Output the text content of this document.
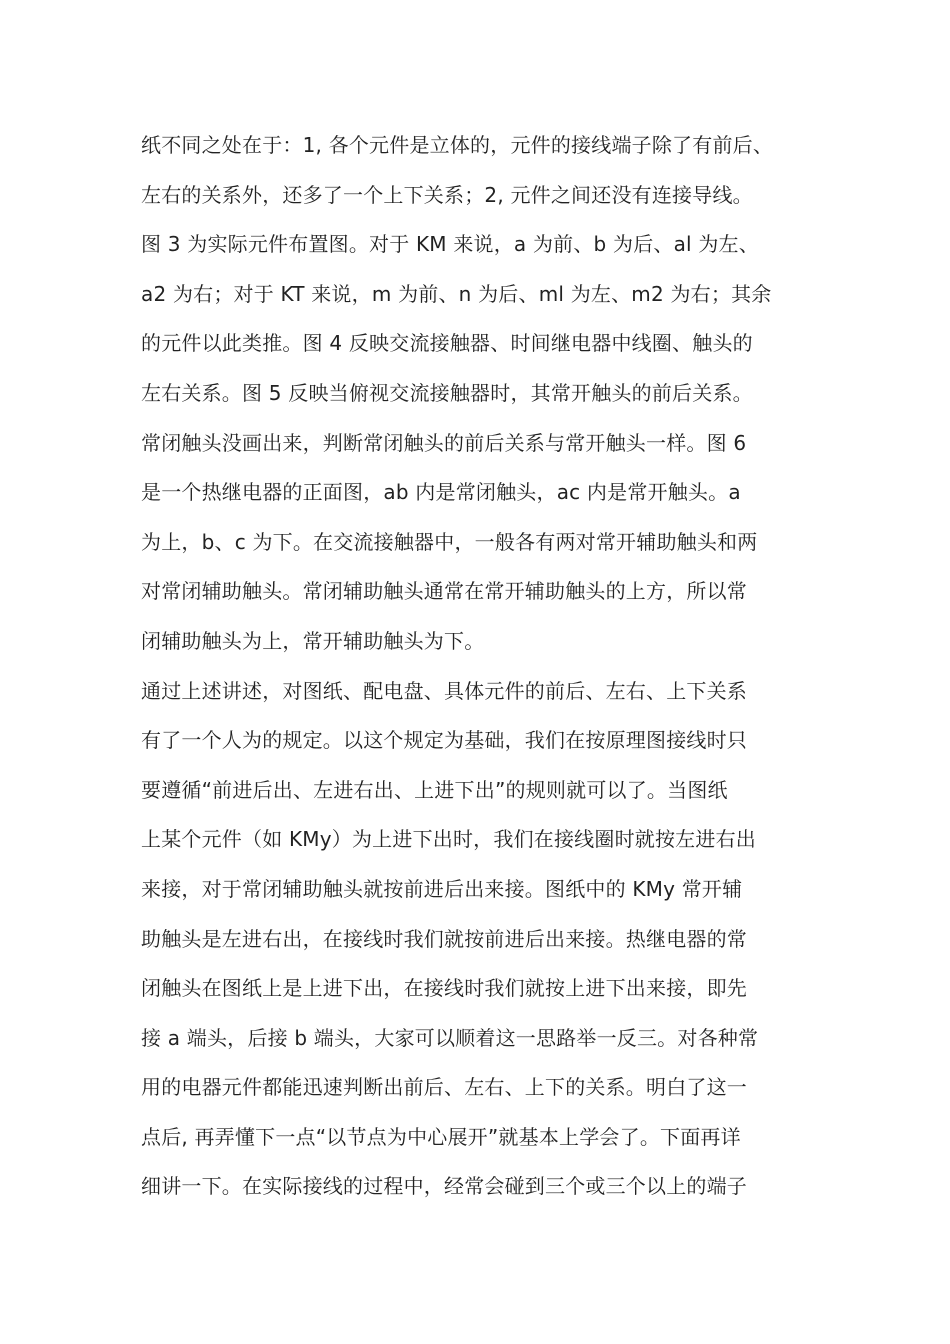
纸不同之处在于：1, 各个元件是立体的，元件的接线端子除了有前后、

左右的关系外，还多了一个上下关系；2, 元件之间还没有连接导线。

图 3 为实际元件布置图。对于 KM 来说，a 为前、b 为后、al 为左、

a2 为右；对于 KT 来说，m 为前、n 为后、ml 为左、m2 为右；其余

的元件以此类推。图 4 反映交流接触器、时间继电器中线圈、触头的

左右关系。图 5 反映当俯视交流接触器时，其常开触头的前后关系。

常闭触头没画出来，判断常闭触头的前后关系与常开触头一样。图 6

是一个热继电器的正面图，ab 内是常闭触头，ac 内是常开触头。a

为上，b、c 为下。在交流接触器中，一般各有两对常开辅助触头和两

对常闭辅助触头。常闭辅助触头通常在常开辅助触头的上方，所以常

闭辅助触头为上，常开辅助触头为下。

通过上述讲述，对图纸、配电盘、具体元件的前后、左右、上下关系

有了一个人为的规定。以这个规定为基础，我们在按原理图接线时只

要遵循“前进后出、左进右出、上进下出”的规则就可以了。当图纸

上某个元件（如 KMy）为上进下出时，我们在接线圈时就按左进右出

来接，对于常闭辅助触头就按前进后出来接。图纸中的 KMy 常开辅

助触头是左进右出，在接线时我们就按前进后出来接。热继电器的常

闭触头在图纸上是上进下出，在接线时我们就按上进下出来接，即先

接 a 端头，后接 b 端头，大家可以顺着这一思路举一反三。对各种常

用的电器元件都能迅速判断出前后、左右、上下的关系。明白了这一

点后, 再弄懂下一点“以节点为中心展开”就基本上学会了。下面再详

细讲一下。在实际接线的过程中，经常会碰到三个或三个以上的端子
